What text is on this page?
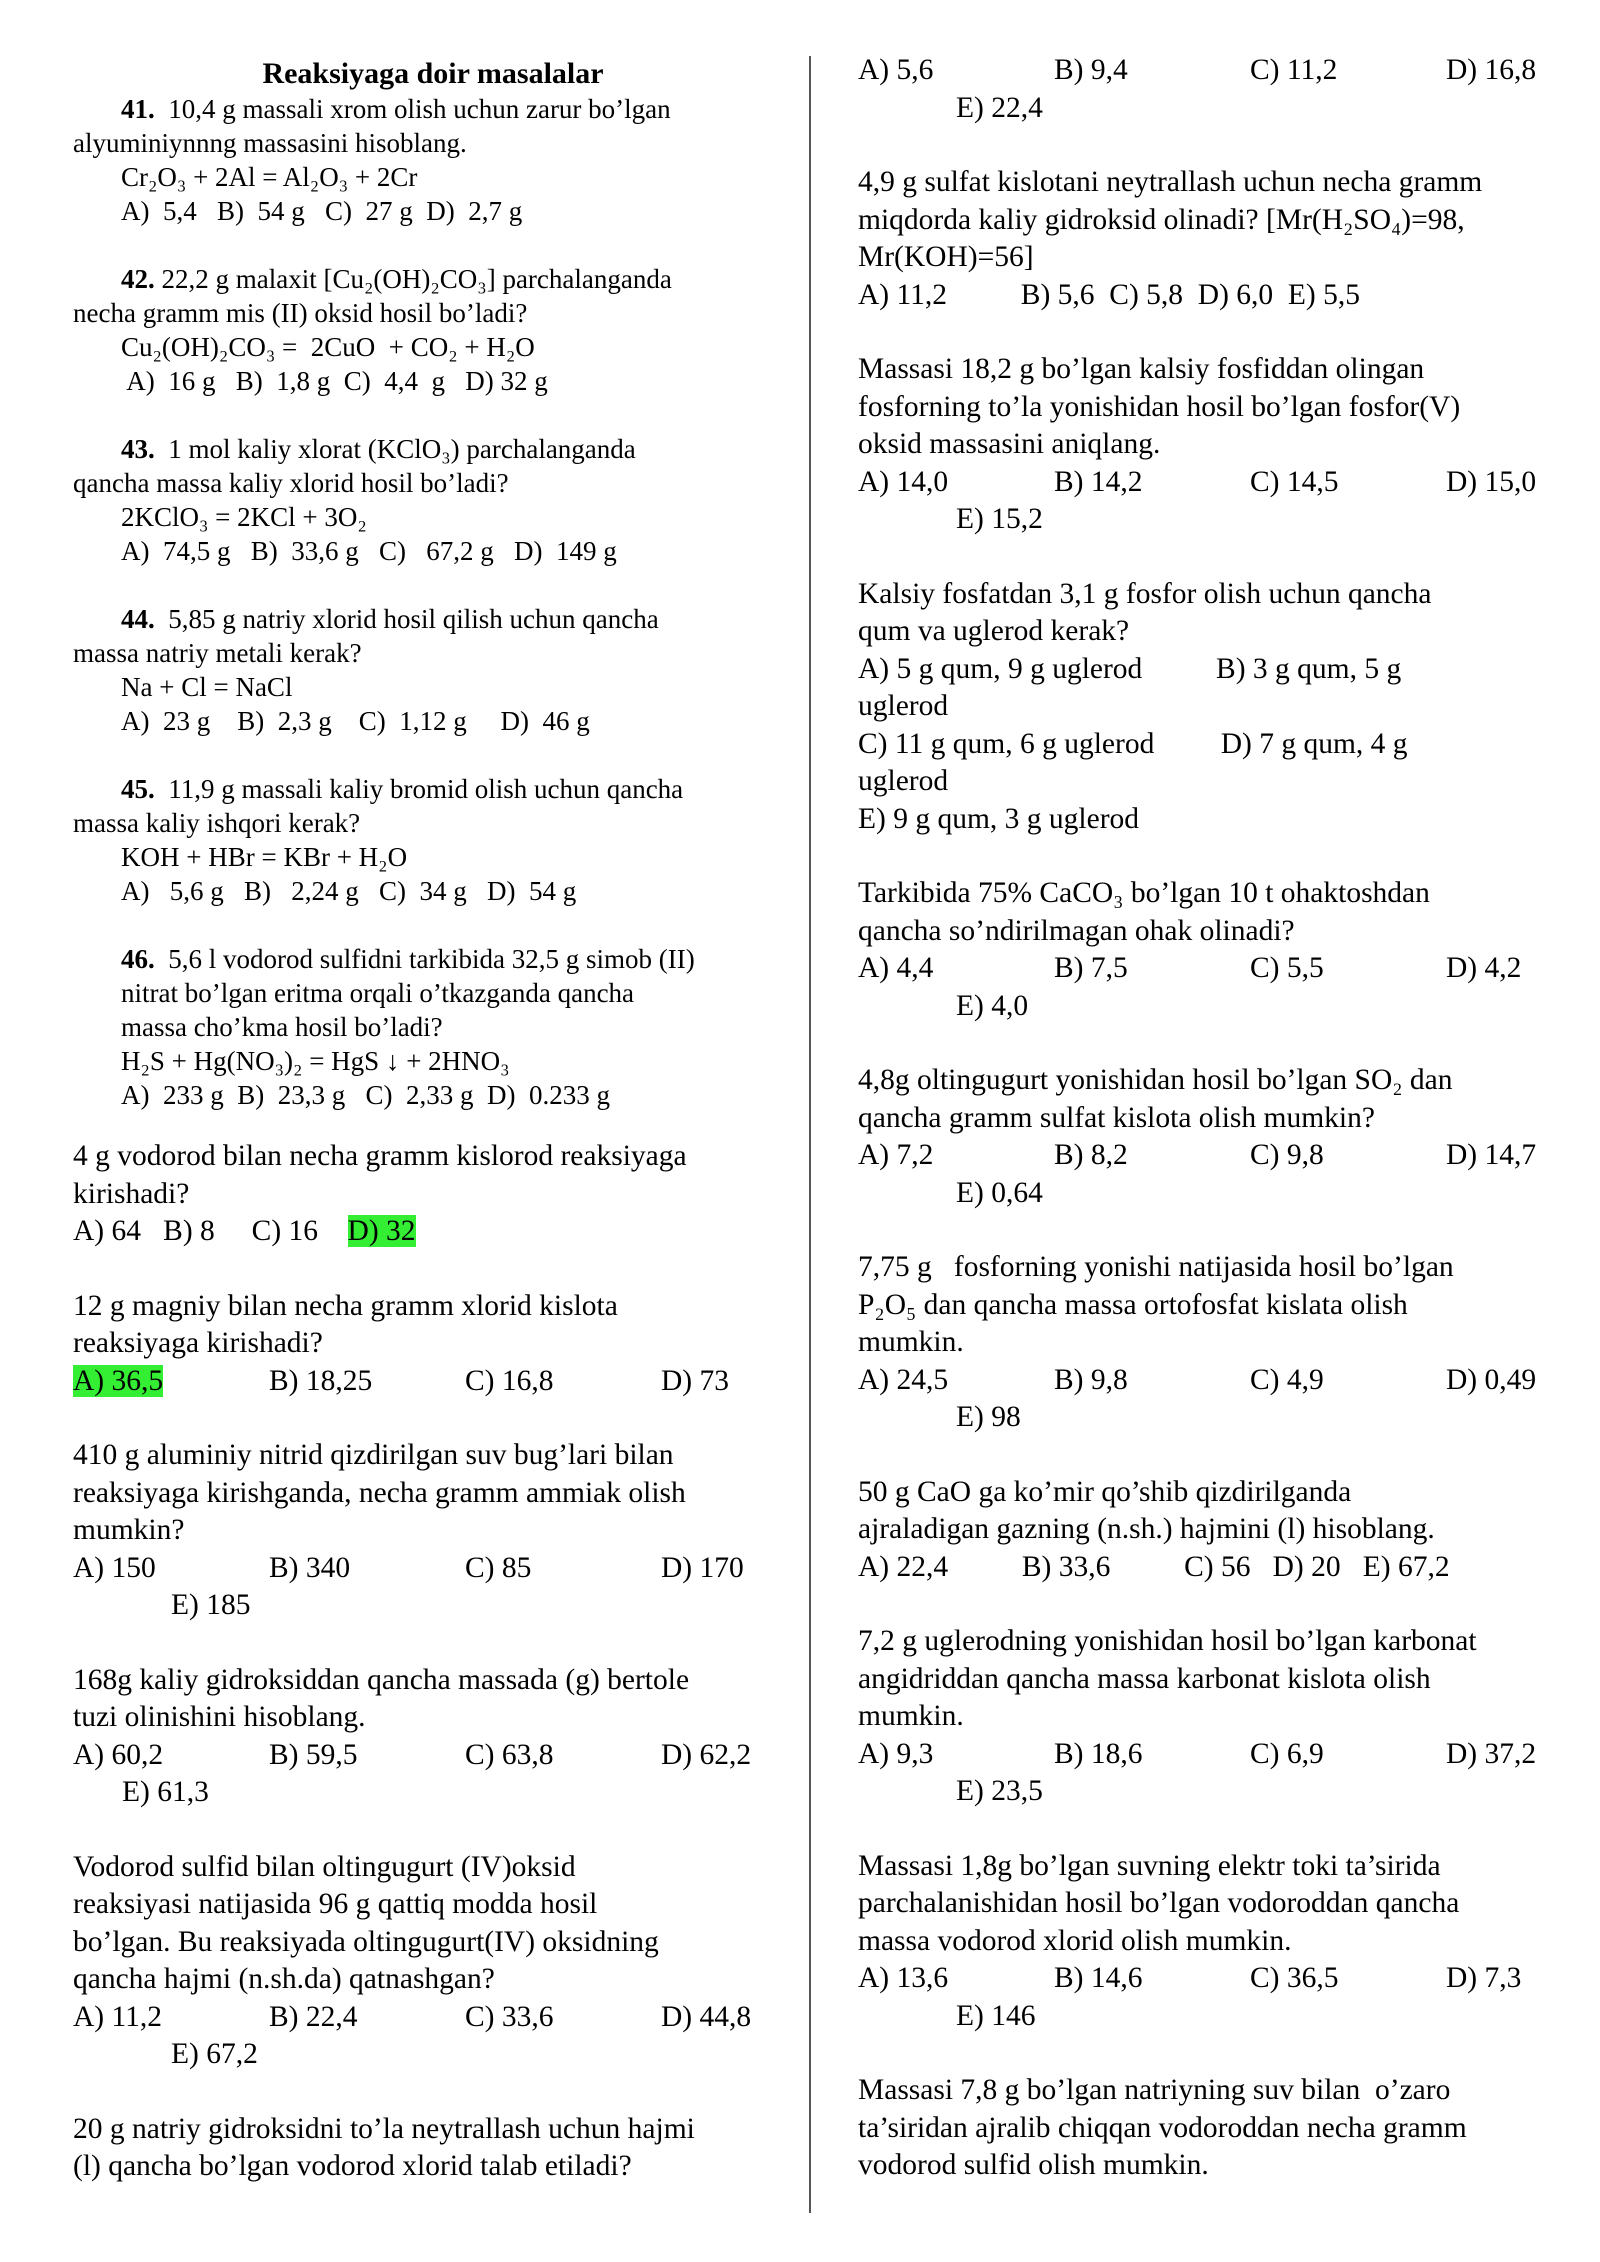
Reaksiyaga doir masalalar
41. 10,4 g massali xrom olish uchun zarur bo’lgan
alyuminiynnng massasini hisoblang.
Cr₂O₃ + 2Al = Al₂O₃ + 2Cr
A)  5,4   B)  54 g   C)  27 g  D)  2,7 g
42. 22,2 g malaxit [Cu₂(OH)₂CO₃] parchalanganda
necha gramm mis (II) oksid hosil bo’ladi?
Cu₂(OH)₂CO₃ =  2CuO  + CO₂ + H₂O
A)  16 g   B)  1,8 g  C)  4,4  g   D) 32 g
43. 1 mol kaliy xlorat (KClO₃) parchalanganda
qancha massa kaliy xlorid hosil bo’ladi?
2KClO₃ = 2KCl + 3O₂
A)  74,5 g   B)  33,6 g   C)   67,2 g   D)  149 g
44. 5,85 g natriy xlorid hosil qilish uchun qancha
massa natriy metali kerak?
Na + Cl = NaCl
A)  23 g    B)  2,3 g    C)  1,12 g     D)  46 g
45. 11,9 g massali kaliy bromid olish uchun qancha
massa kaliy ishqori kerak?
KOH + HBr = KBr + H₂O
A)   5,6 g   B)   2,24 g   C)  34 g   D)  54 g
46. 5,6 l vodorod sulfidni tarkibida 32,5 g simob (II)
nitrat bo’lgan eritma orqali o’tkazganda qancha
massa cho’kma hosil bo’ladi?
H₂S + Hg(NO₃)₂ = HgS ↓ + 2HNO₃
A)  233 g  B)  23,3 g   C)  2,33 g  D)  0.233 g
4 g vodorod bilan necha gramm kislorod reaksiyaga
kirishadi?
A) 64 B) 8 C) 16 D) 32
12 g magniy bilan necha gramm xlorid kislota
reaksiyaga kirishadi?
A) 36,5	B) 18,25	C) 16,8	D) 73
410 g aluminiy nitrid qizdirilgan suv bug’lari bilan
reaksiyaga kirishganda, necha gramm ammiak olish
mumkin?
A) 150	B) 340	C) 85	D) 170
E) 185
168g kaliy gidroksiddan qancha massada (g) bertole
tuzi olinishini hisoblang.
A) 60,2	B) 59,5	C) 63,8	D) 62,2
E) 61,3
Vodorod sulfid bilan oltingugurt (IV)oksid
reaksiyasi natijasida 96 g qattiq modda hosil
bo’lgan. Bu reaksiyada oltingugurt(IV) oksidning
qancha hajmi (n.sh.da) qatnashgan?
A) 11,2	B) 22,4	C) 33,6	D) 44,8
E) 67,2
20 g natriy gidroksidni to’la neytrallash uchun hajmi
(l) qancha bo’lgan vodorod xlorid talab etiladi?
A) 5,6	B) 9,4	C) 11,2	D) 16,8
E) 22,4
4,9 g sulfat kislotani neytrallash uchun necha gramm
miqdorda kaliy gidroksid olinadi? [Mr(H₂SO₄)=98,
Mr(KOH)=56]
A) 11,2          B) 5,6  C) 5,8  D) 6,0  E) 5,5
Massasi 18,2 g bo’lgan kalsiy fosfiddan olingan
fosforning to’la yonishidan hosil bo’lgan fosfor(V)
oksid massasini aniqlang.
A) 14,0	B) 14,2	C) 14,5	D) 15,0
E) 15,2
Kalsiy fosfatdan 3,1 g fosfor olish uchun qancha
qum va uglerod kerak?
A) 5 g qum, 9 g uglerod          B) 3 g qum, 5 g
uglerod
C) 11 g qum, 6 g uglerod         D) 7 g qum, 4 g
uglerod
E) 9 g qum, 3 g uglerod
Tarkibida 75% CaCO₃ bo’lgan 10 t ohaktoshdan
qancha so’ndirilmagan ohak olinadi?
A) 4,4	B) 7,5	C) 5,5	D) 4,2
E) 4,0
4,8g oltingugurt yonishidan hosil bo’lgan SO₂ dan
qancha gramm sulfat kislota olish mumkin?
A) 7,2	B) 8,2	C) 9,8	D) 14,7
E) 0,64
7,75 g   fosforning yonishi natijasida hosil bo’lgan
P₂O₅ dan qancha massa ortofosfat kislata olish
mumkin.
A) 24,5	B) 9,8	C) 4,9	D) 0,49
E) 98
50 g CaO ga ko’mir qo’shib qizdirilganda
ajraladigan gazning (n.sh.) hajmini (l) hisoblang.
A) 22,4          B) 33,6          C) 56   D) 20   E) 67,2
7,2 g uglerodning yonishidan hosil bo’lgan karbonat
angidriddan qancha massa karbonat kislota olish
mumkin.
A) 9,3	B) 18,6	C) 6,9	D) 37,2
E) 23,5
Massasi 1,8g bo’lgan suvning elektr toki ta’sirida
parchalanishidan hosil bo’lgan vodoroddan qancha
massa vodorod xlorid olish mumkin.
A) 13,6	B) 14,6	C) 36,5	D) 7,3
E) 146
Massasi 7,8 g bo’lgan natriyning suv bilan  o’zaro
ta’siridan ajralib chiqqan vodoroddan necha gramm
vodorod sulfid olish mumkin.
